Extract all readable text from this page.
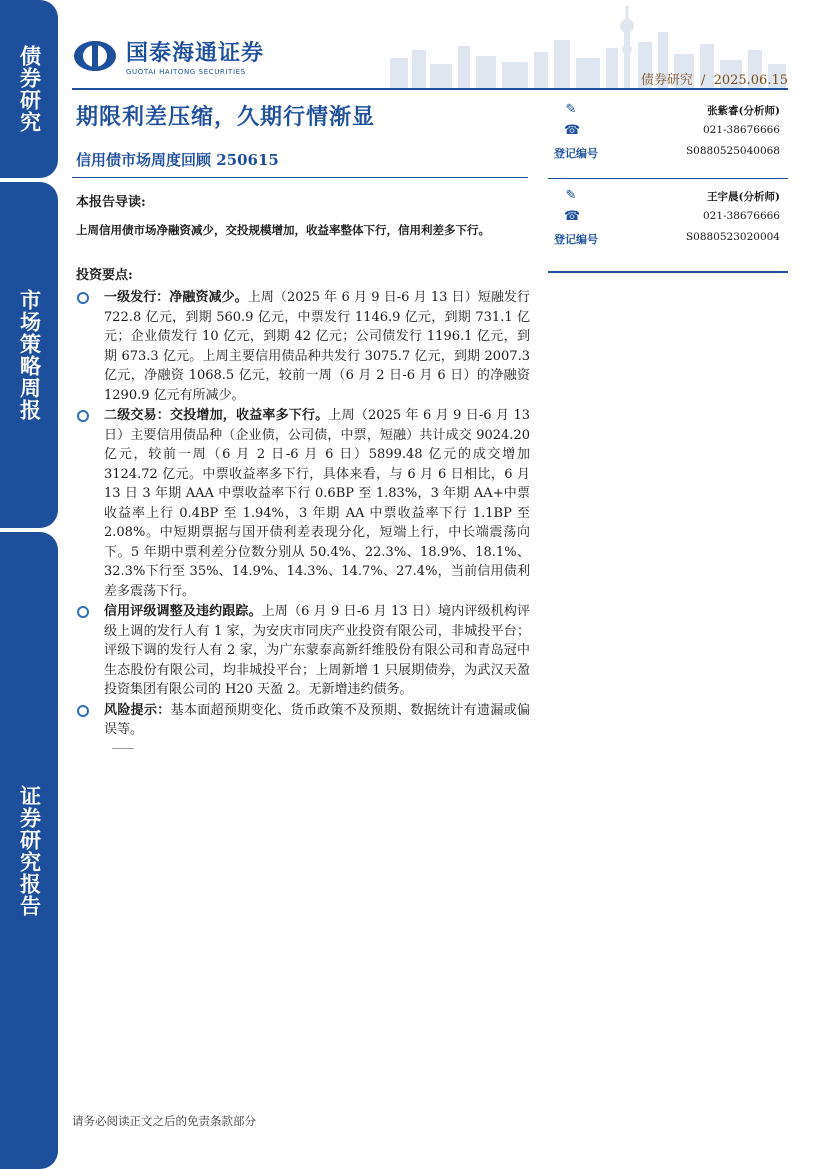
债券研究
市场策略周报
证券研究报告
国泰海通证券
GUOTAI HAITONG SECURITIES
债券研究 / 2025.06.15
期限利差压缩，久期行情渐显
信用债市场周度回顾 250615
本报告导读:
上周信用债市场净融资减少，交投规模增加，收益率整体下行，信用利差多下行。
投资要点:
一级发行：净融资减少。上周（2025 年 6 月 9 日-6 月 13 日）短融发行 722.8 亿元，到期 560.9 亿元，中票发行 1146.9 亿元，到期 731.1 亿元；企业债发行 10 亿元，到期 42 亿元；公司债发行 1196.1 亿元，到期 673.3 亿元。上周主要信用债品种共发行 3075.7 亿元，到期 2007.3 亿元，净融资 1068.5 亿元，较前一周（6 月 2 日-6 月 6 日）的净融资 1290.9 亿元有所减少。
二级交易：交投增加，收益率多下行。上周（2025 年 6 月 9 日-6 月 13 日）主要信用债品种（企业债，公司债，中票，短融）共计成交 9024.20 亿元，较前一周（6 月 2 日-6 月 6 日）5899.48 亿元的成交增加 3124.72 亿元。中票收益率多下行，具体来看，与 6 月 6 日相比，6 月 13 日 3 年期 AAA 中票收益率下行 0.6BP 至 1.83%，3 年期 AA+中票收益率上行 0.4BP 至 1.94%，3 年期 AA 中票收益率下行 1.1BP 至 2.08%。中短期票据与国开债利差表现分化，短端上行，中长端震荡向下。5 年期中票利差分位数分别从 50.4%、22.3%、18.9%、18.1%、32.3%下行至 35%、14.9%、14.3%、14.7%、27.4%，当前信用债利差多震荡下行。
信用评级调整及违约跟踪。上周（6 月 9 日-6 月 13 日）境内评级机构评级上调的发行人有 1 家，为安庆市同庆产业投资有限公司，非城投平台；评级下调的发行人有 2 家，为广东蒙泰高新纤维股份有限公司和青岛冠中生态股份有限公司，均非城投平台；上周新增 1 只展期债券，为武汉天盈投资集团有限公司的 H20 天盈 2。无新增违约债务。
风险提示：基本面超预期变化、货币政策不及预期、数据统计有遗漏或偏误等。
✎	张紫睿(分析师)
☎	021-38676666
登记编号	S0880525040068
✎	王宇晨(分析师)
☎	021-38676666
登记编号	S0880523020004
请务必阅读正文之后的免责条款部分
